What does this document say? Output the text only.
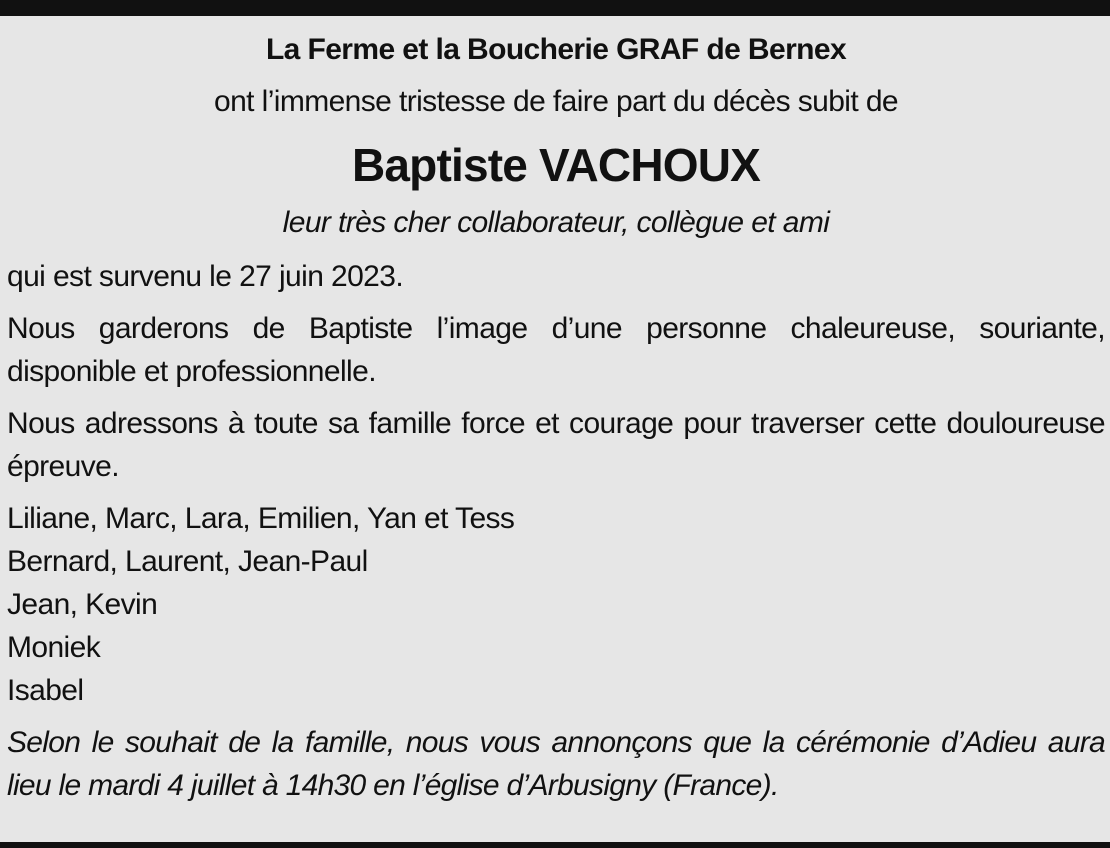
La Ferme et la Boucherie GRAF de Bernex
ont l’immense tristesse de faire part du décès subit de
Baptiste VACHOUX
leur très cher collaborateur, collègue et ami
qui est survenu le 27 juin 2023.
Nous garderons de Baptiste l’image d’une personne chaleureuse, souriante, disponible et professionnelle.
Nous adressons à toute sa famille force et courage pour traverser cette douloureuse épreuve.
Liliane, Marc, Lara, Emilien, Yan et Tess
Bernard, Laurent, Jean-Paul
Jean, Kevin
Moniek
Isabel
Selon le souhait de la famille, nous vous annonçons que la cérémonie d’Adieu aura lieu le mardi 4 juillet à 14h30 en l’église d’Arbusigny (France).
